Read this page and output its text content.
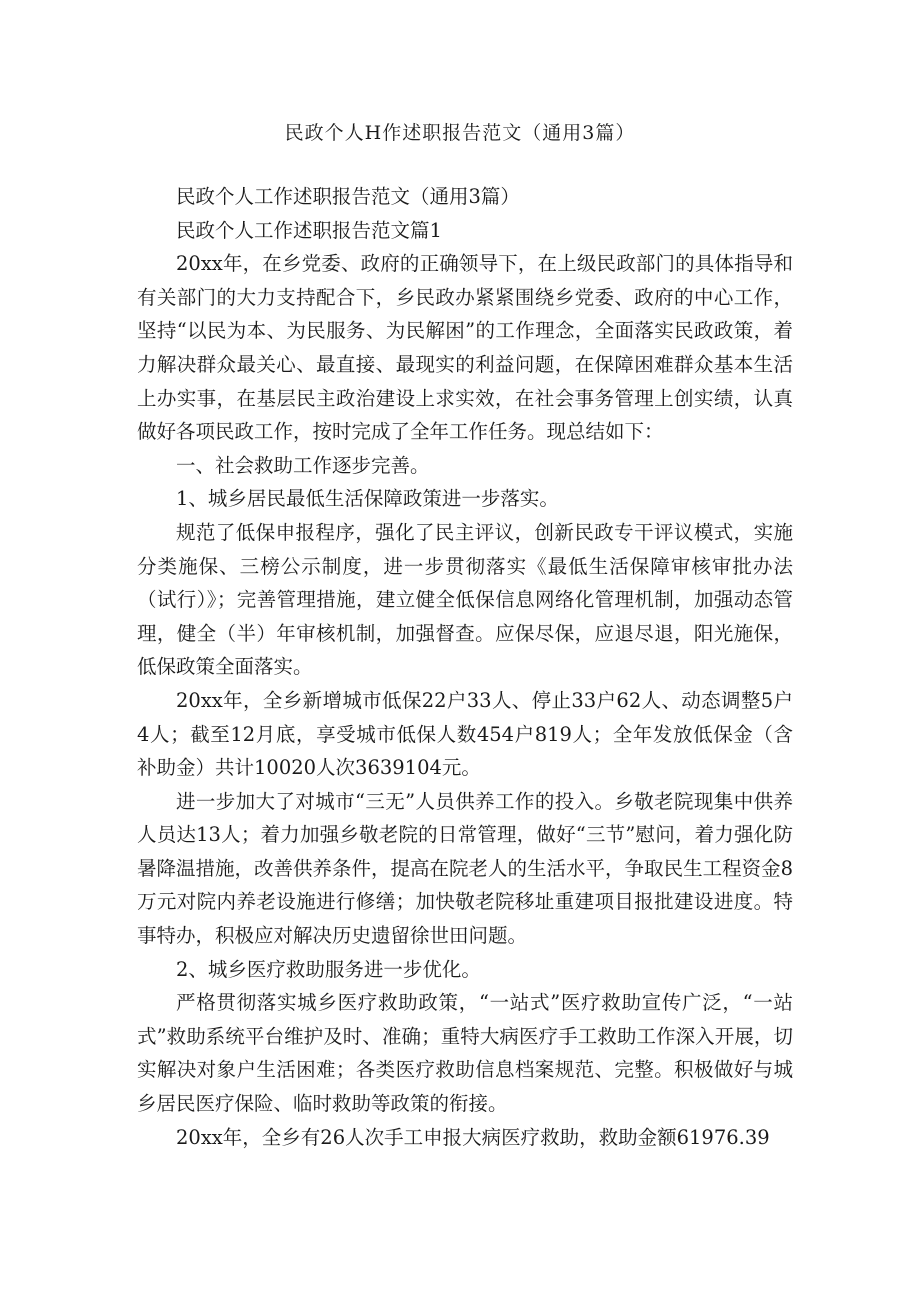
民政个人H作述职报告范文（通用3篇）

民政个人工作述职报告范文（通用3篇）

民政个人工作述职报告范文篇1

20xx年，在乡党委、政府的正确领导下，在上级民政部门的具体指导和有关部门的大力支持配合下，乡民政办紧紧围绕乡党委、政府的中心工作，坚持“以民为本、为民服务、为民解困”的工作理念，全面落实民政政策，着力解决群众最关心、最直接、最现实的利益问题，在保障困难群众基本生活上办实事，在基层民主政治建设上求实效，在社会事务管理上创实绩，认真做好各项民政工作，按时完成了全年工作任务。现总结如下：

一、社会救助工作逐步完善。

1、城乡居民最低生活保障政策进一步落实。

规范了低保申报程序，强化了民主评议，创新民政专干评议模式，实施分类施保、三榜公示制度，进一步贯彻落实《最低生活保障审核审批办法（试行）》；完善管理措施，建立健全低保信息网络化管理机制，加强动态管理，健全（半）年审核机制，加强督查。应保尽保，应退尽退，阳光施保，低保政策全面落实。

20xx年，全乡新增城市低保22户33人、停止33户62人、动态调整5户4人；截至12月底，享受城市低保人数454户819人；全年发放低保金（含补助金）共计10020人次3639104元。

进一步加大了对城市“三无”人员供养工作的投入。乡敬老院现集中供养人员达13人；着力加强乡敬老院的日常管理，做好“三节”慰问，着力强化防暑降温措施，改善供养条件，提高在院老人的生活水平，争取民生工程资金8万元对院内养老设施进行修缮；加快敬老院移址重建项目报批建设进度。特事特办，积极应对解决历史遗留徐世田问题。

2、城乡医疗救助服务进一步优化。

严格贯彻落实城乡医疗救助政策，“一站式”医疗救助宣传广泛，“一站式”救助系统平台维护及时、准确；重特大病医疗手工救助工作深入开展，切实解决对象户生活困难；各类医疗救助信息档案规范、完整。积极做好与城乡居民医疗保险、临时救助等政策的衔接。

20xx年，全乡有26人次手工申报大病医疗救助，救助金额61976.39
